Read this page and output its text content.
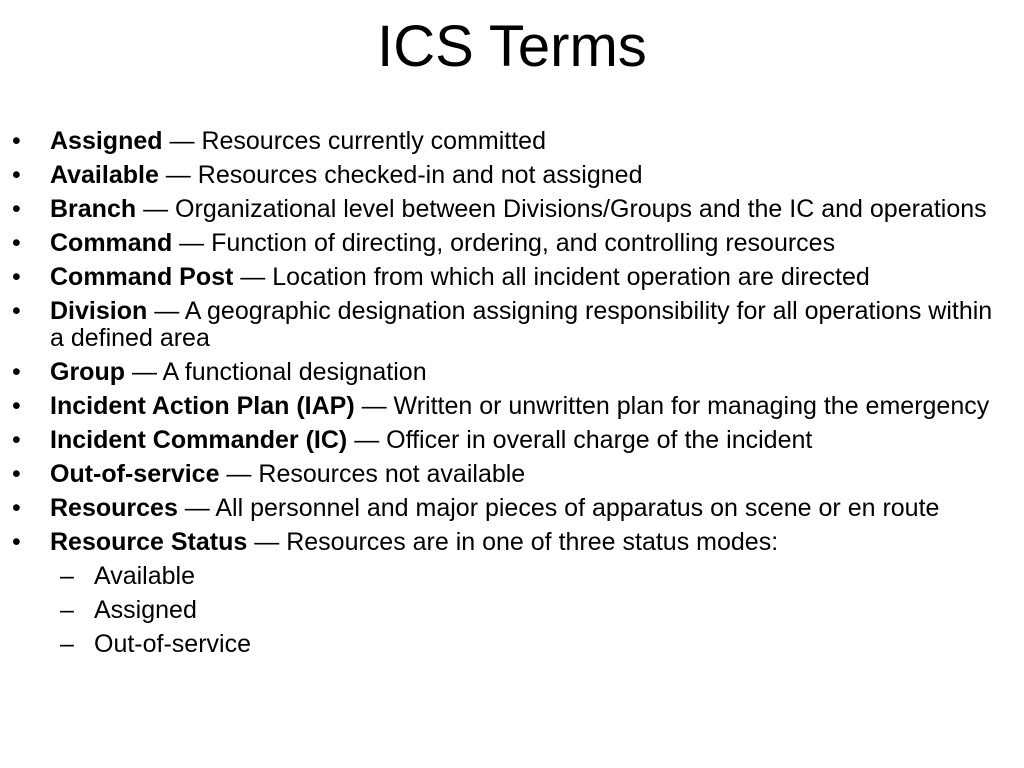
ICS Terms
• Assigned — Resources currently committed
• Available — Resources checked-in and not assigned
• Branch — Organizational level between Divisions/Groups and the IC and operations
• Command — Function of directing, ordering, and controlling resources
• Command Post — Location from which all incident operation are directed
• Division — A geographic designation assigning responsibility for all operations within a defined area
• Group — A functional designation
• Incident Action Plan (IAP) — Written or unwritten plan for managing the emergency
• Incident Commander (IC) — Officer in overall charge of the incident
• Out-of-service — Resources not available
• Resources — All personnel and major pieces of apparatus on scene or en route
• Resource Status — Resources are in one of three status modes:
– Available
– Assigned
– Out-of-service
